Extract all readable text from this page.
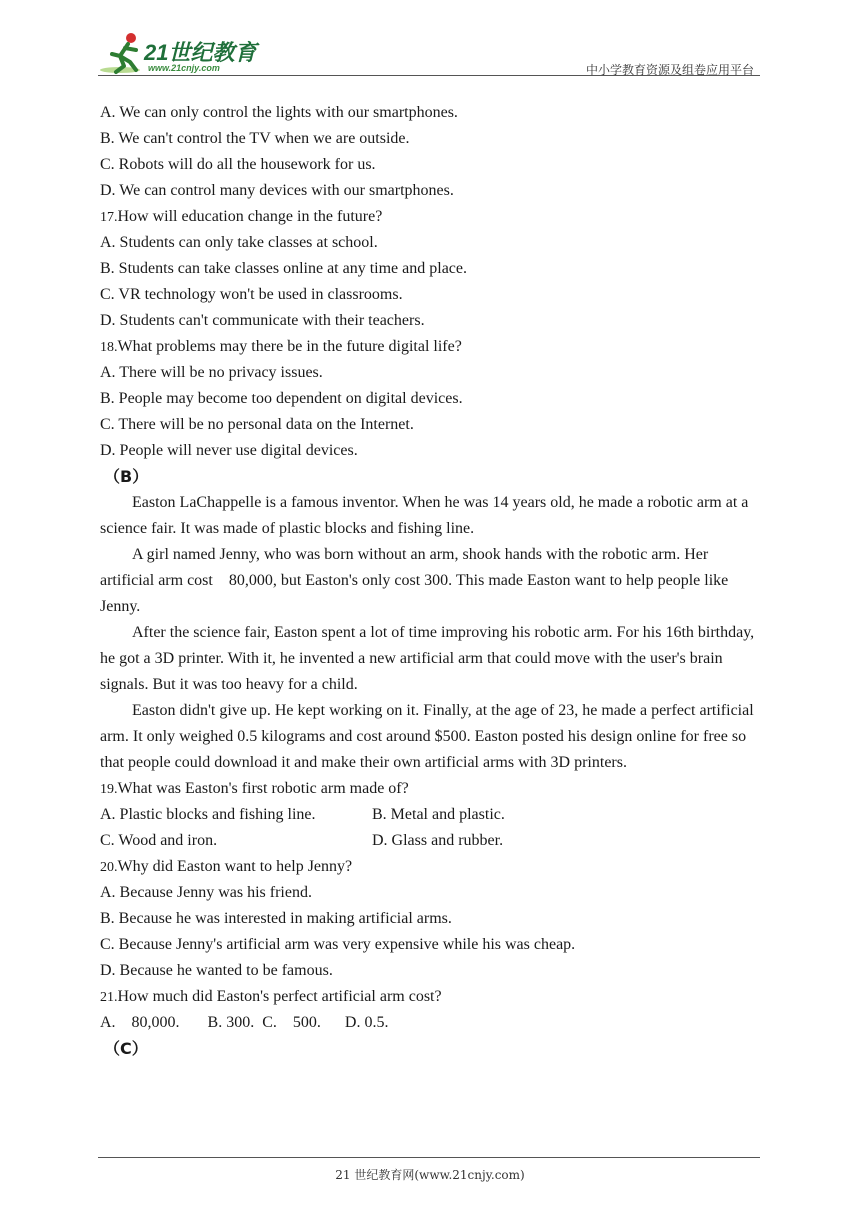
21世纪教育
www.21cnjy.com	中小学教育资源及组卷应用平台
A. We can only control the lights with our smartphones.
B. We can't control the TV when we are outside.
C. Robots will do all the housework for us.
D. We can control many devices with our smartphones.
17.How will education change in the future?
A. Students can only take classes at school.
B. Students can take classes online at any time and place.
C. VR technology won't be used in classrooms.
D. Students can't communicate with their teachers.
18.What problems may there be in the future digital life?
A. There will be no privacy issues.
B. People may become too dependent on digital devices.
C. There will be no personal data on the Internet.
D. People will never use digital devices.
（B）

Easton LaChappelle is a famous inventor. When he was 14 years old, he made a robotic arm at a science fair. It was made of plastic blocks and fishing line.

A girl named Jenny, who was born without an arm, shook hands with the robotic arm. Her artificial arm cost    80,000, but Easton's only cost 300. This made Easton want to help people like Jenny.

After the science fair, Easton spent a lot of time improving his robotic arm. For his 16th birthday, he got a 3D printer. With it, he invented a new artificial arm that could move with the user's brain signals. But it was too heavy for a child.

Easton didn't give up. He kept working on it. Finally, at the age of 23, he made a perfect artificial arm. It only weighed 0.5 kilograms and cost around $500. Easton posted his design online for free so that people could download it and make their own artificial arms with 3D printers.

19.What was Easton's first robotic arm made of?
A. Plastic blocks and fishing line.	B. Metal and plastic.
C. Wood and iron.	D. Glass and rubber.
20.Why did Easton want to help Jenny?
A. Because Jenny was his friend.
B. Because he was interested in making artificial arms.
C. Because Jenny's artificial arm was very expensive while his was cheap.
D. Because he wanted to be famous.
21.How much did Easton's perfect artificial arm cost?
A.    80,000.       B. 300.  C.    500.      D. 0.5.
（C）
21 世纪教育网(www.21cnjy.com)
